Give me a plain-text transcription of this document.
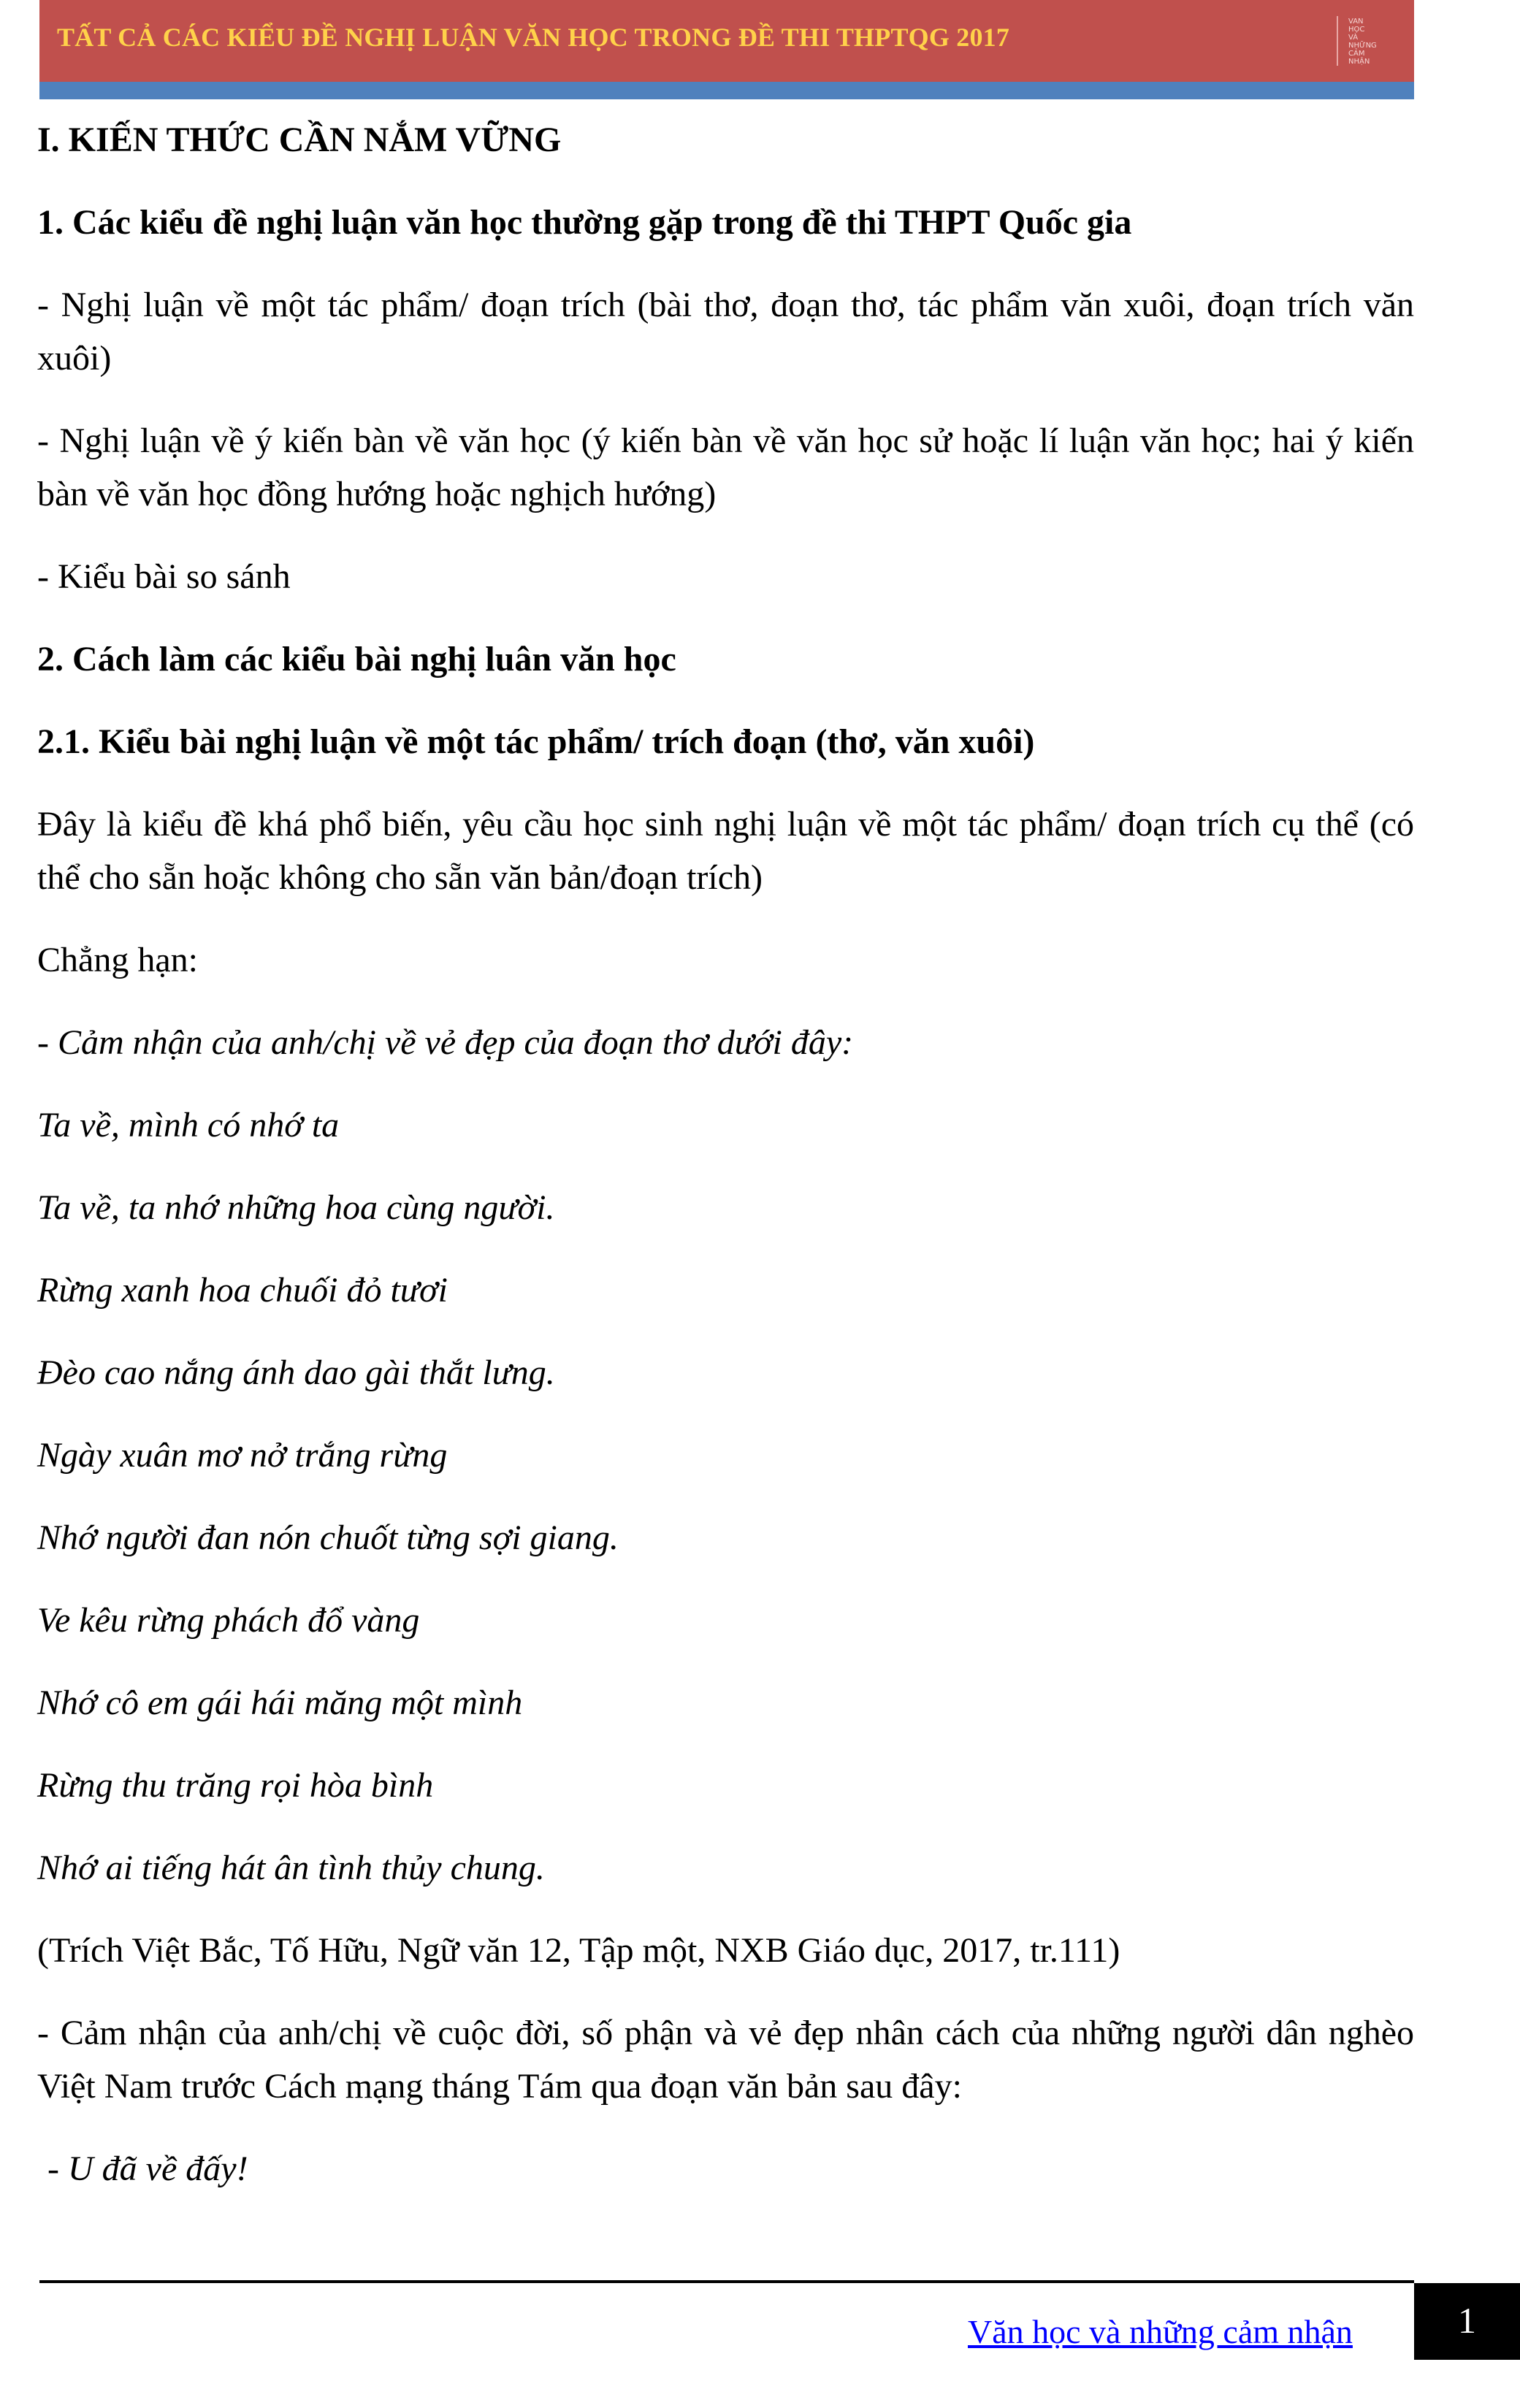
TẤT CẢ CÁC KIỂU ĐỀ NGHỊ LUẬN VĂN HỌC TRONG ĐỀ THI THPTQG 2017
VAN
HỌC
VÀ
NHỮNG
CẢM
NHẬN

I. KIẾN THỨC CẦN NẮM VỮNG

1. Các kiểu đề nghị luận văn học thường gặp trong đề thi THPT Quốc gia

- Nghị luận về một tác phẩm/ đoạn trích (bài thơ, đoạn thơ, tác phẩm văn xuôi, đoạn trích văn xuôi)

- Nghị luận về ý kiến bàn về văn học (ý kiến bàn về văn học sử hoặc lí luận văn học; hai ý kiến bàn về văn học đồng hướng hoặc nghịch hướng)

- Kiểu bài so sánh

2. Cách làm các kiểu bài nghị luân văn học

2.1. Kiểu bài nghị luận về một tác phẩm/ trích đoạn (thơ, văn xuôi)

Đây là kiểu đề khá phổ biến, yêu cầu học sinh nghị luận về một tác phẩm/ đoạn trích cụ thể (có thể cho sẵn hoặc không cho sẵn văn bản/đoạn trích)

Chẳng hạn:

- Cảm nhận của anh/chị về vẻ đẹp của đoạn thơ dưới đây:

Ta về, mình có nhớ ta

Ta về, ta nhớ những hoa cùng người.

Rừng xanh hoa chuối đỏ tươi

Đèo cao nắng ánh dao gài thắt lưng.

Ngày xuân mơ nở trắng rừng

Nhớ người đan nón chuốt từng sợi giang.

Ve kêu rừng phách đổ vàng

Nhớ cô em gái hái măng một mình

Rừng thu trăng rọi hòa bình

Nhớ ai tiếng hát ân tình thủy chung.

(Trích Việt Bắc, Tố Hữu, Ngữ văn 12, Tập một, NXB Giáo dục, 2017, tr.111)

- Cảm nhận của anh/chị về cuộc đời, số phận và vẻ đẹp nhân cách của những người dân nghèo Việt Nam trước Cách mạng tháng Tám qua đoạn văn bản sau đây:

- U đã về đấy!

Văn học và những cảm nhận	1
